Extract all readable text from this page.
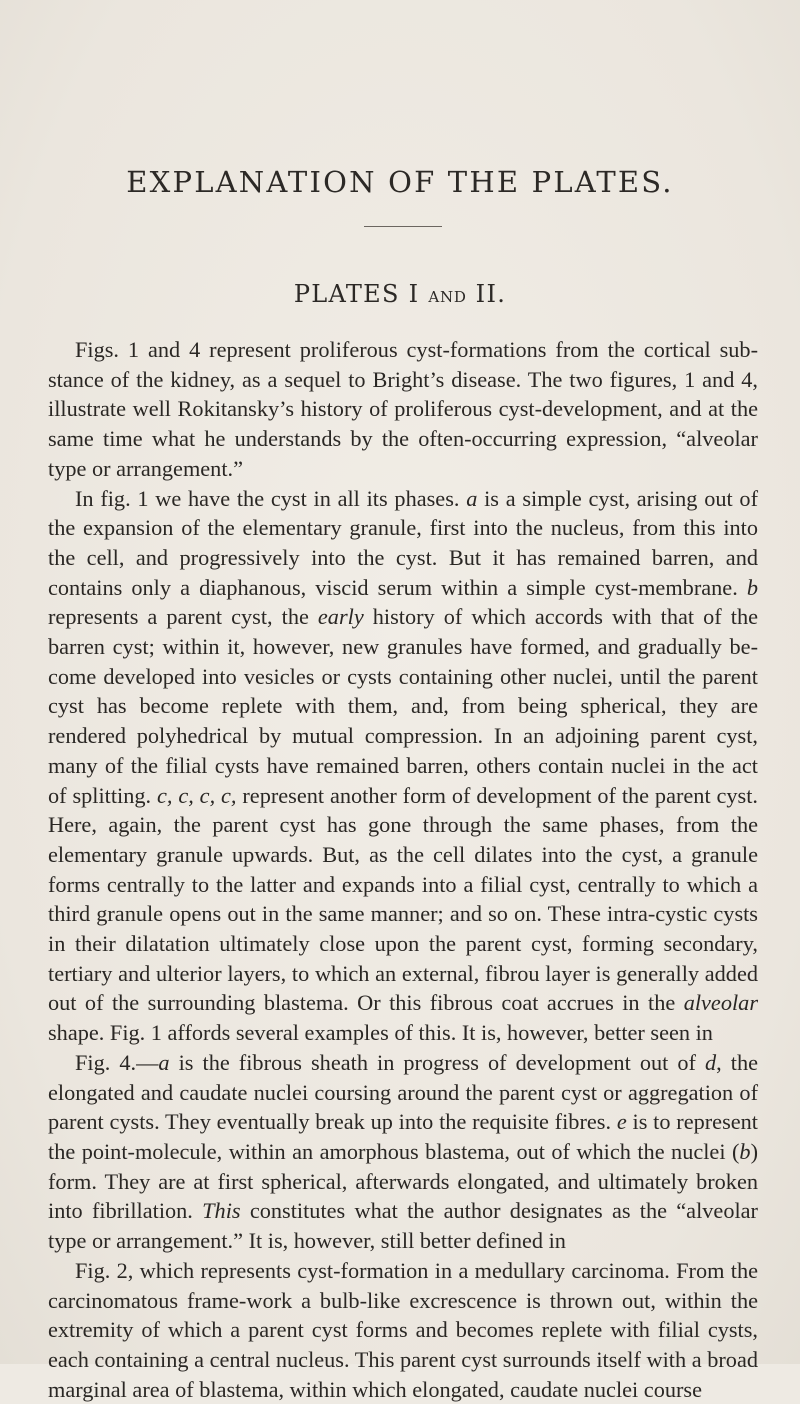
EXPLANATION OF THE PLATES.
PLATES I AND II.

Figs. 1 and 4 represent proliferous cyst-formations from the cortical substance of the kidney, as a sequel to Bright’s disease. The two figures, 1 and 4, illustrate well Rokitansky’s history of proliferous cyst-development, and at the same time what he understands by the often-occurring expression, “alveolar type or arrangement.”

In fig. 1 we have the cyst in all its phases. a is a simple cyst, arising out of the expansion of the elementary granule, first into the nucleus, from this into the cell, and progressively into the cyst. But it has remained barren, and contains only a diaphanous, viscid serum within a simple cyst-membrane. b represents a parent cyst, the early history of which accords with that of the barren cyst; within it, however, new granules have formed, and gradually become developed into vesicles or cysts containing other nuclei, until the parent cyst has become replete with them, and, from being spherical, they are rendered polyhedrical by mutual compression. In an adjoining parent cyst, many of the filial cysts have remained barren, others contain nuclei in the act of splitting. c, c, c, c, represent another form of development of the parent cyst. Here, again, the parent cyst has gone through the same phases, from the elementary granule upwards. But, as the cell dilates into the cyst, a granule forms centrally to the latter and expands into a filial cyst, centrally to which a third granule opens out in the same manner; and so on. These intra-cystic cysts in their dilatation ultimately close upon the parent cyst, forming secondary, tertiary and ulterior layers, to which an external, fibrou layer is generally added out of the surrounding blastema. Or this fibrous coat accrues in the alveolar shape. Fig. 1 affords several examples of this. It is, however, better seen in

Fig. 4.—a is the fibrous sheath in progress of development out of d, the elongated and caudate nuclei coursing around the parent cyst or aggregation of parent cysts. They eventually break up into the requisite fibres. e is to represent the point-molecule, within an amorphous blastema, out of which the nuclei (b) form. They are at first spherical, afterwards elongated, and ultimately broken into fibrillation. This constitutes what the author designates as the “alveolar type or arrangement.” It is, however, still better defined in

Fig. 2, which represents cyst-formation in a medullary carcinoma. From the carcinomatous frame-work a bulb-like excrescence is thrown out, within the extremity of which a parent cyst forms and becomes replete with filial cysts, each containing a central nucleus. This parent cyst surrounds itself with a broad marginal area of blastema, within which elongated, caudate nuclei course
